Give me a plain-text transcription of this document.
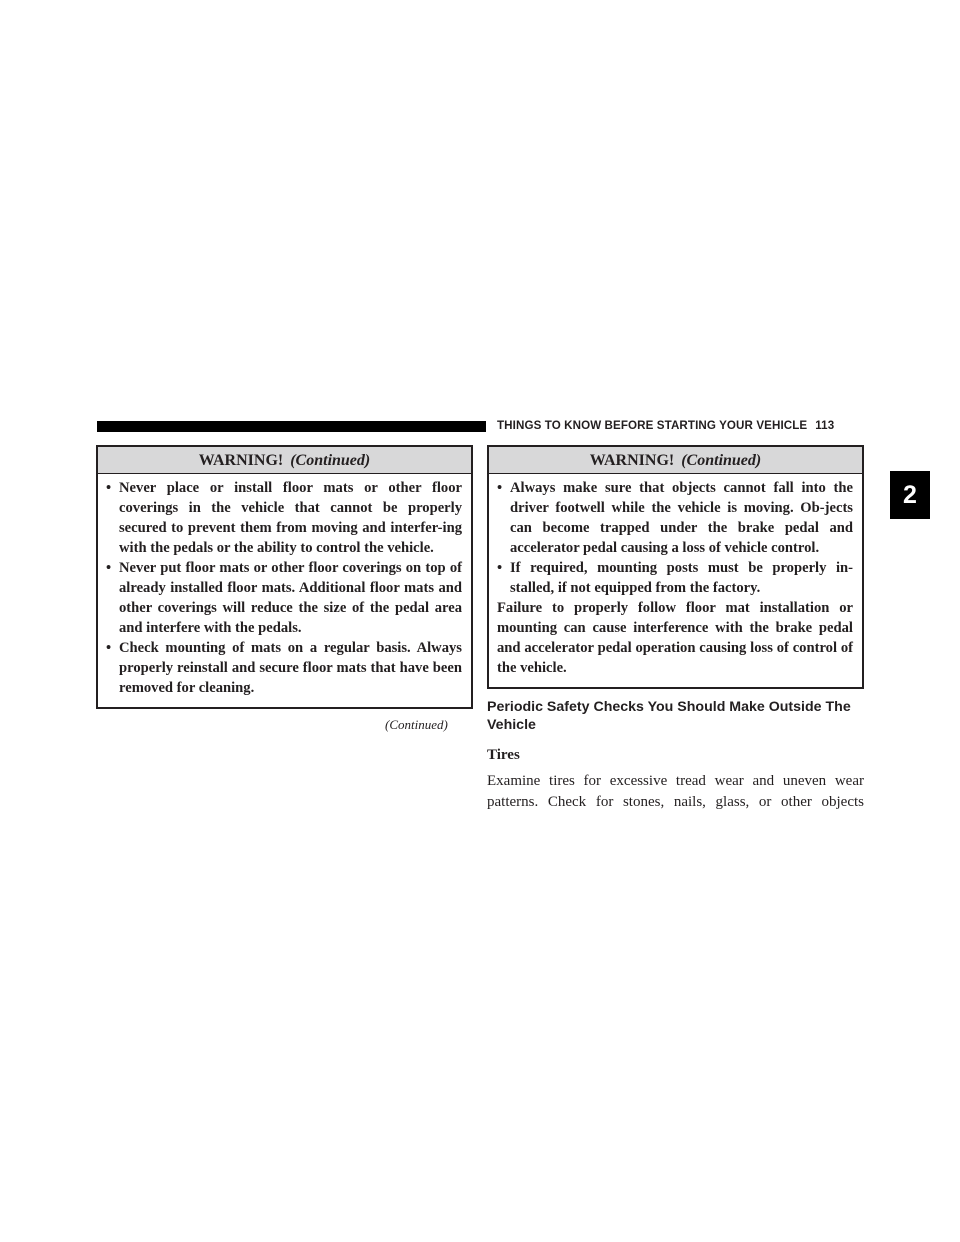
THINGS TO KNOW BEFORE STARTING YOUR VEHICLE 113
2
WARNING! (Continued)
• Never place or install floor mats or other floor coverings in the vehicle that cannot be properly secured to prevent them from moving and interfer-ing with the pedals or the ability to control the vehicle.
• Never put floor mats or other floor coverings on top of already installed floor mats. Additional floor mats and other coverings will reduce the size of the pedal area and interfere with the pedals.
• Check mounting of mats on a regular basis. Always properly reinstall and secure floor mats that have been removed for cleaning.
(Continued)
WARNING! (Continued)
• Always make sure that objects cannot fall into the driver footwell while the vehicle is moving. Ob-jects can become trapped under the brake pedal and accelerator pedal causing a loss of vehicle control.
• If required, mounting posts must be properly in-stalled, if not equipped from the factory.
Failure to properly follow floor mat installation or mounting can cause interference with the brake pedal and accelerator pedal operation causing loss of control of the vehicle.
Periodic Safety Checks You Should Make Outside The Vehicle
Tires
Examine tires for excessive tread wear and uneven wear patterns. Check for stones, nails, glass, or other objects
